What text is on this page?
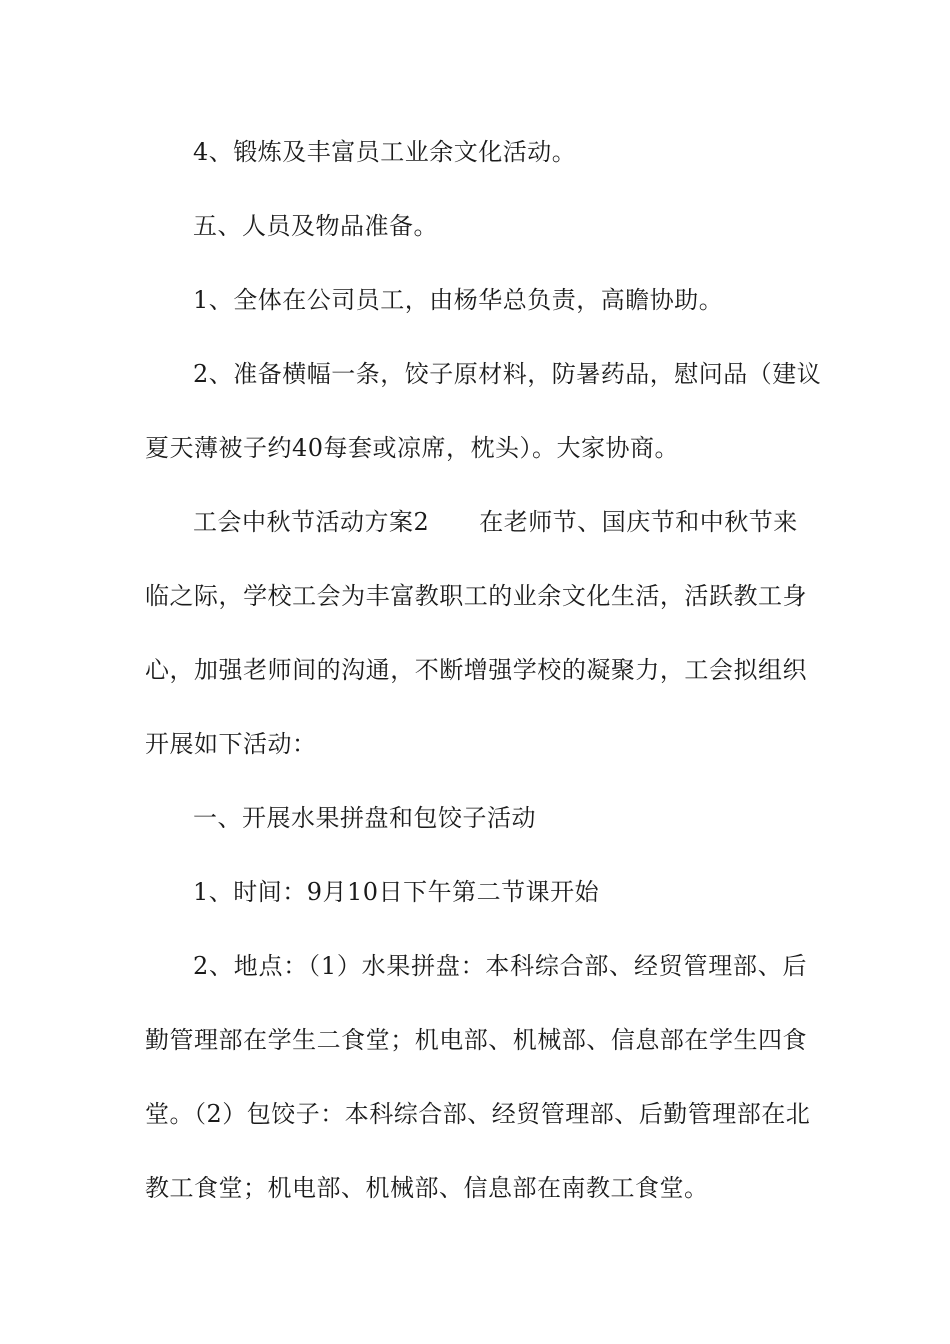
4、锻炼及丰富员工业余文化活动。
五、人员及物品准备。
1、全体在公司员工，由杨华总负责，高瞻协助。
2、准备横幅一条，饺子原材料，防暑药品，慰问品（建议
夏天薄被子约40每套或凉席，枕头）。大家协商。
工会中秋节活动方案2 在老师节、国庆节和中秋节来
临之际，学校工会为丰富教职工的业余文化生活，活跃教工身
心，加强老师间的沟通，不断增强学校的凝聚力，工会拟组织
开展如下活动：
一、开展水果拼盘和包饺子活动
1、时间：9月10日下午第二节课开始
2、地点：（1）水果拼盘：本科综合部、经贸管理部、后
勤管理部在学生二食堂；机电部、机械部、信息部在学生四食
堂。（2）包饺子：本科综合部、经贸管理部、后勤管理部在北
教工食堂；机电部、机械部、信息部在南教工食堂。
